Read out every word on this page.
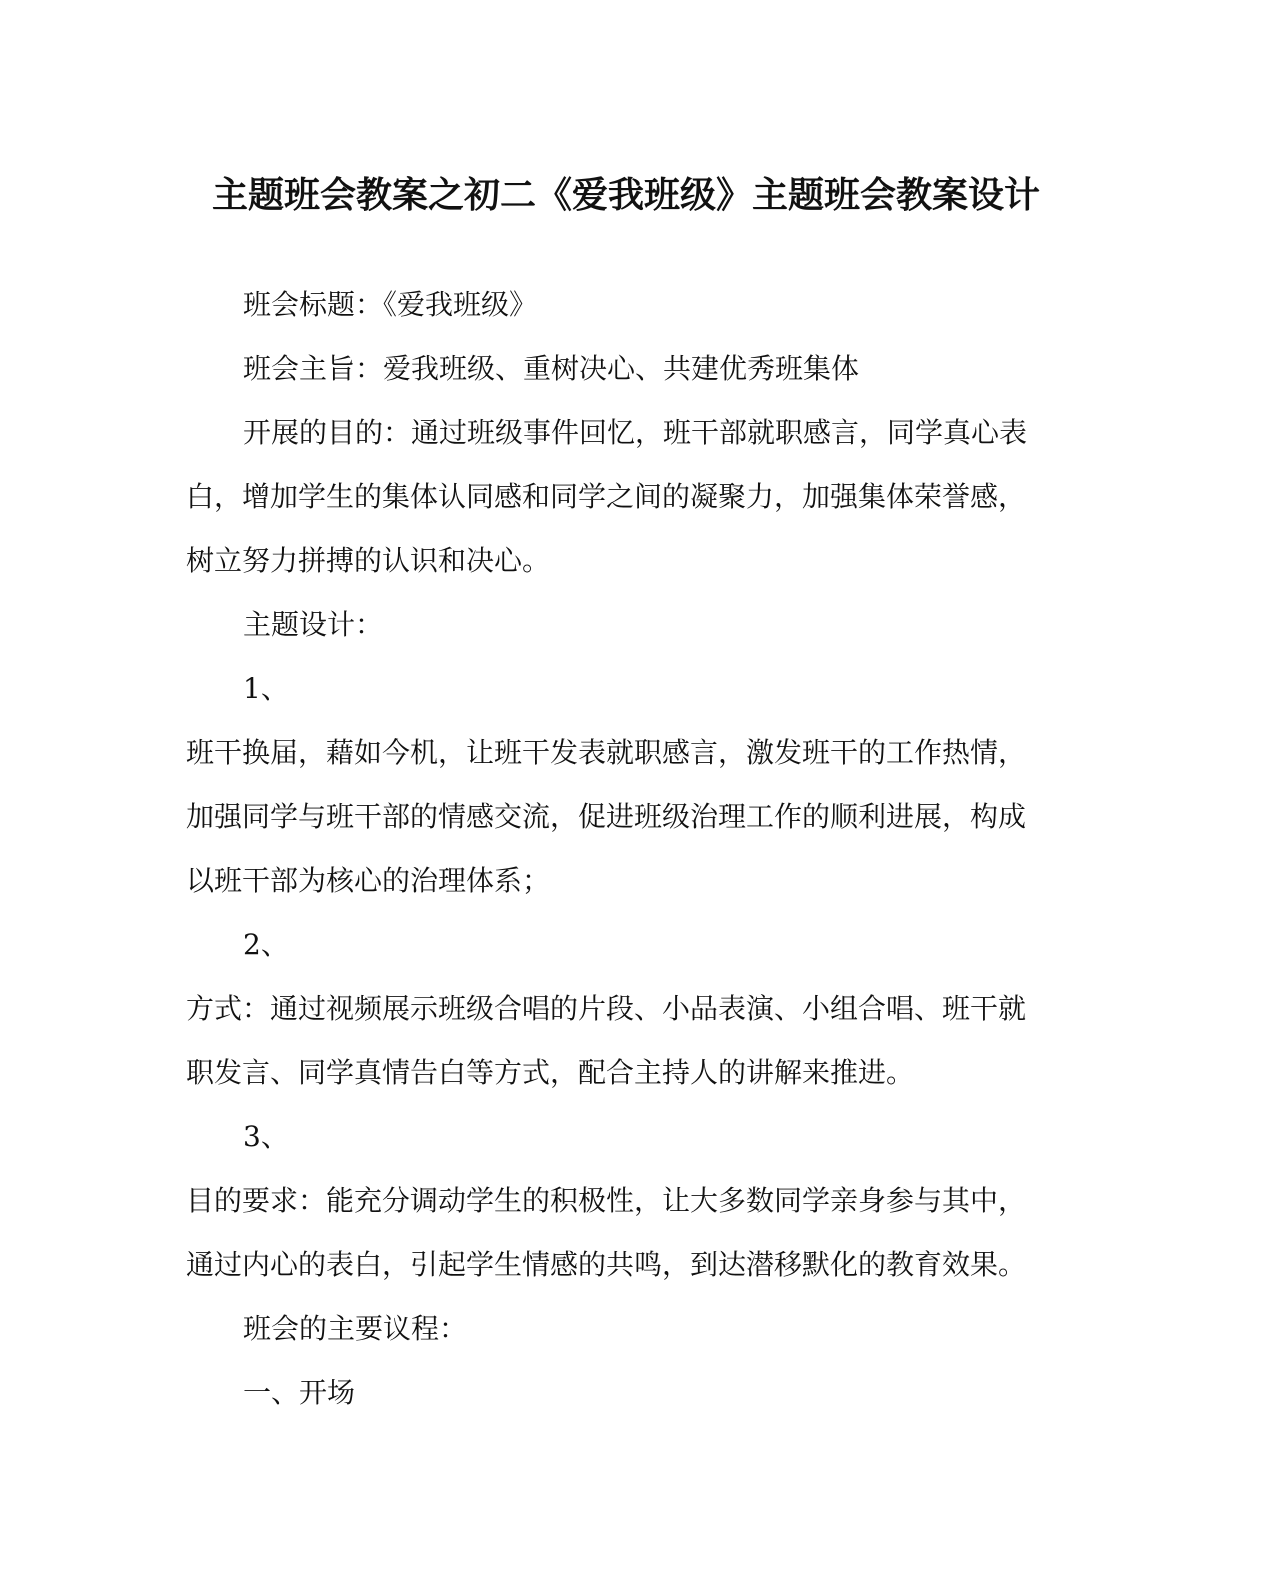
主题班会教案之初二《爱我班级》主题班会教案设计
班会标题：《爱我班级》
班会主旨：爱我班级、重树决心、共建优秀班集体
开展的目的：通过班级事件回忆，班干部就职感言，同学真心表
白，增加学生的集体认同感和同学之间的凝聚力，加强集体荣誉感，
树立努力拼搏的认识和决心。
主题设计：
1、
班干换届，藉如今机，让班干发表就职感言，激发班干的工作热情，
加强同学与班干部的情感交流，促进班级治理工作的顺利进展，构成
以班干部为核心的治理体系；
2、
方式：通过视频展示班级合唱的片段、小品表演、小组合唱、班干就
职发言、同学真情告白等方式，配合主持人的讲解来推进。
3、
目的要求：能充分调动学生的积极性，让大多数同学亲身参与其中，
通过内心的表白，引起学生情感的共鸣，到达潜移默化的教育效果。
班会的主要议程：
一、开场
